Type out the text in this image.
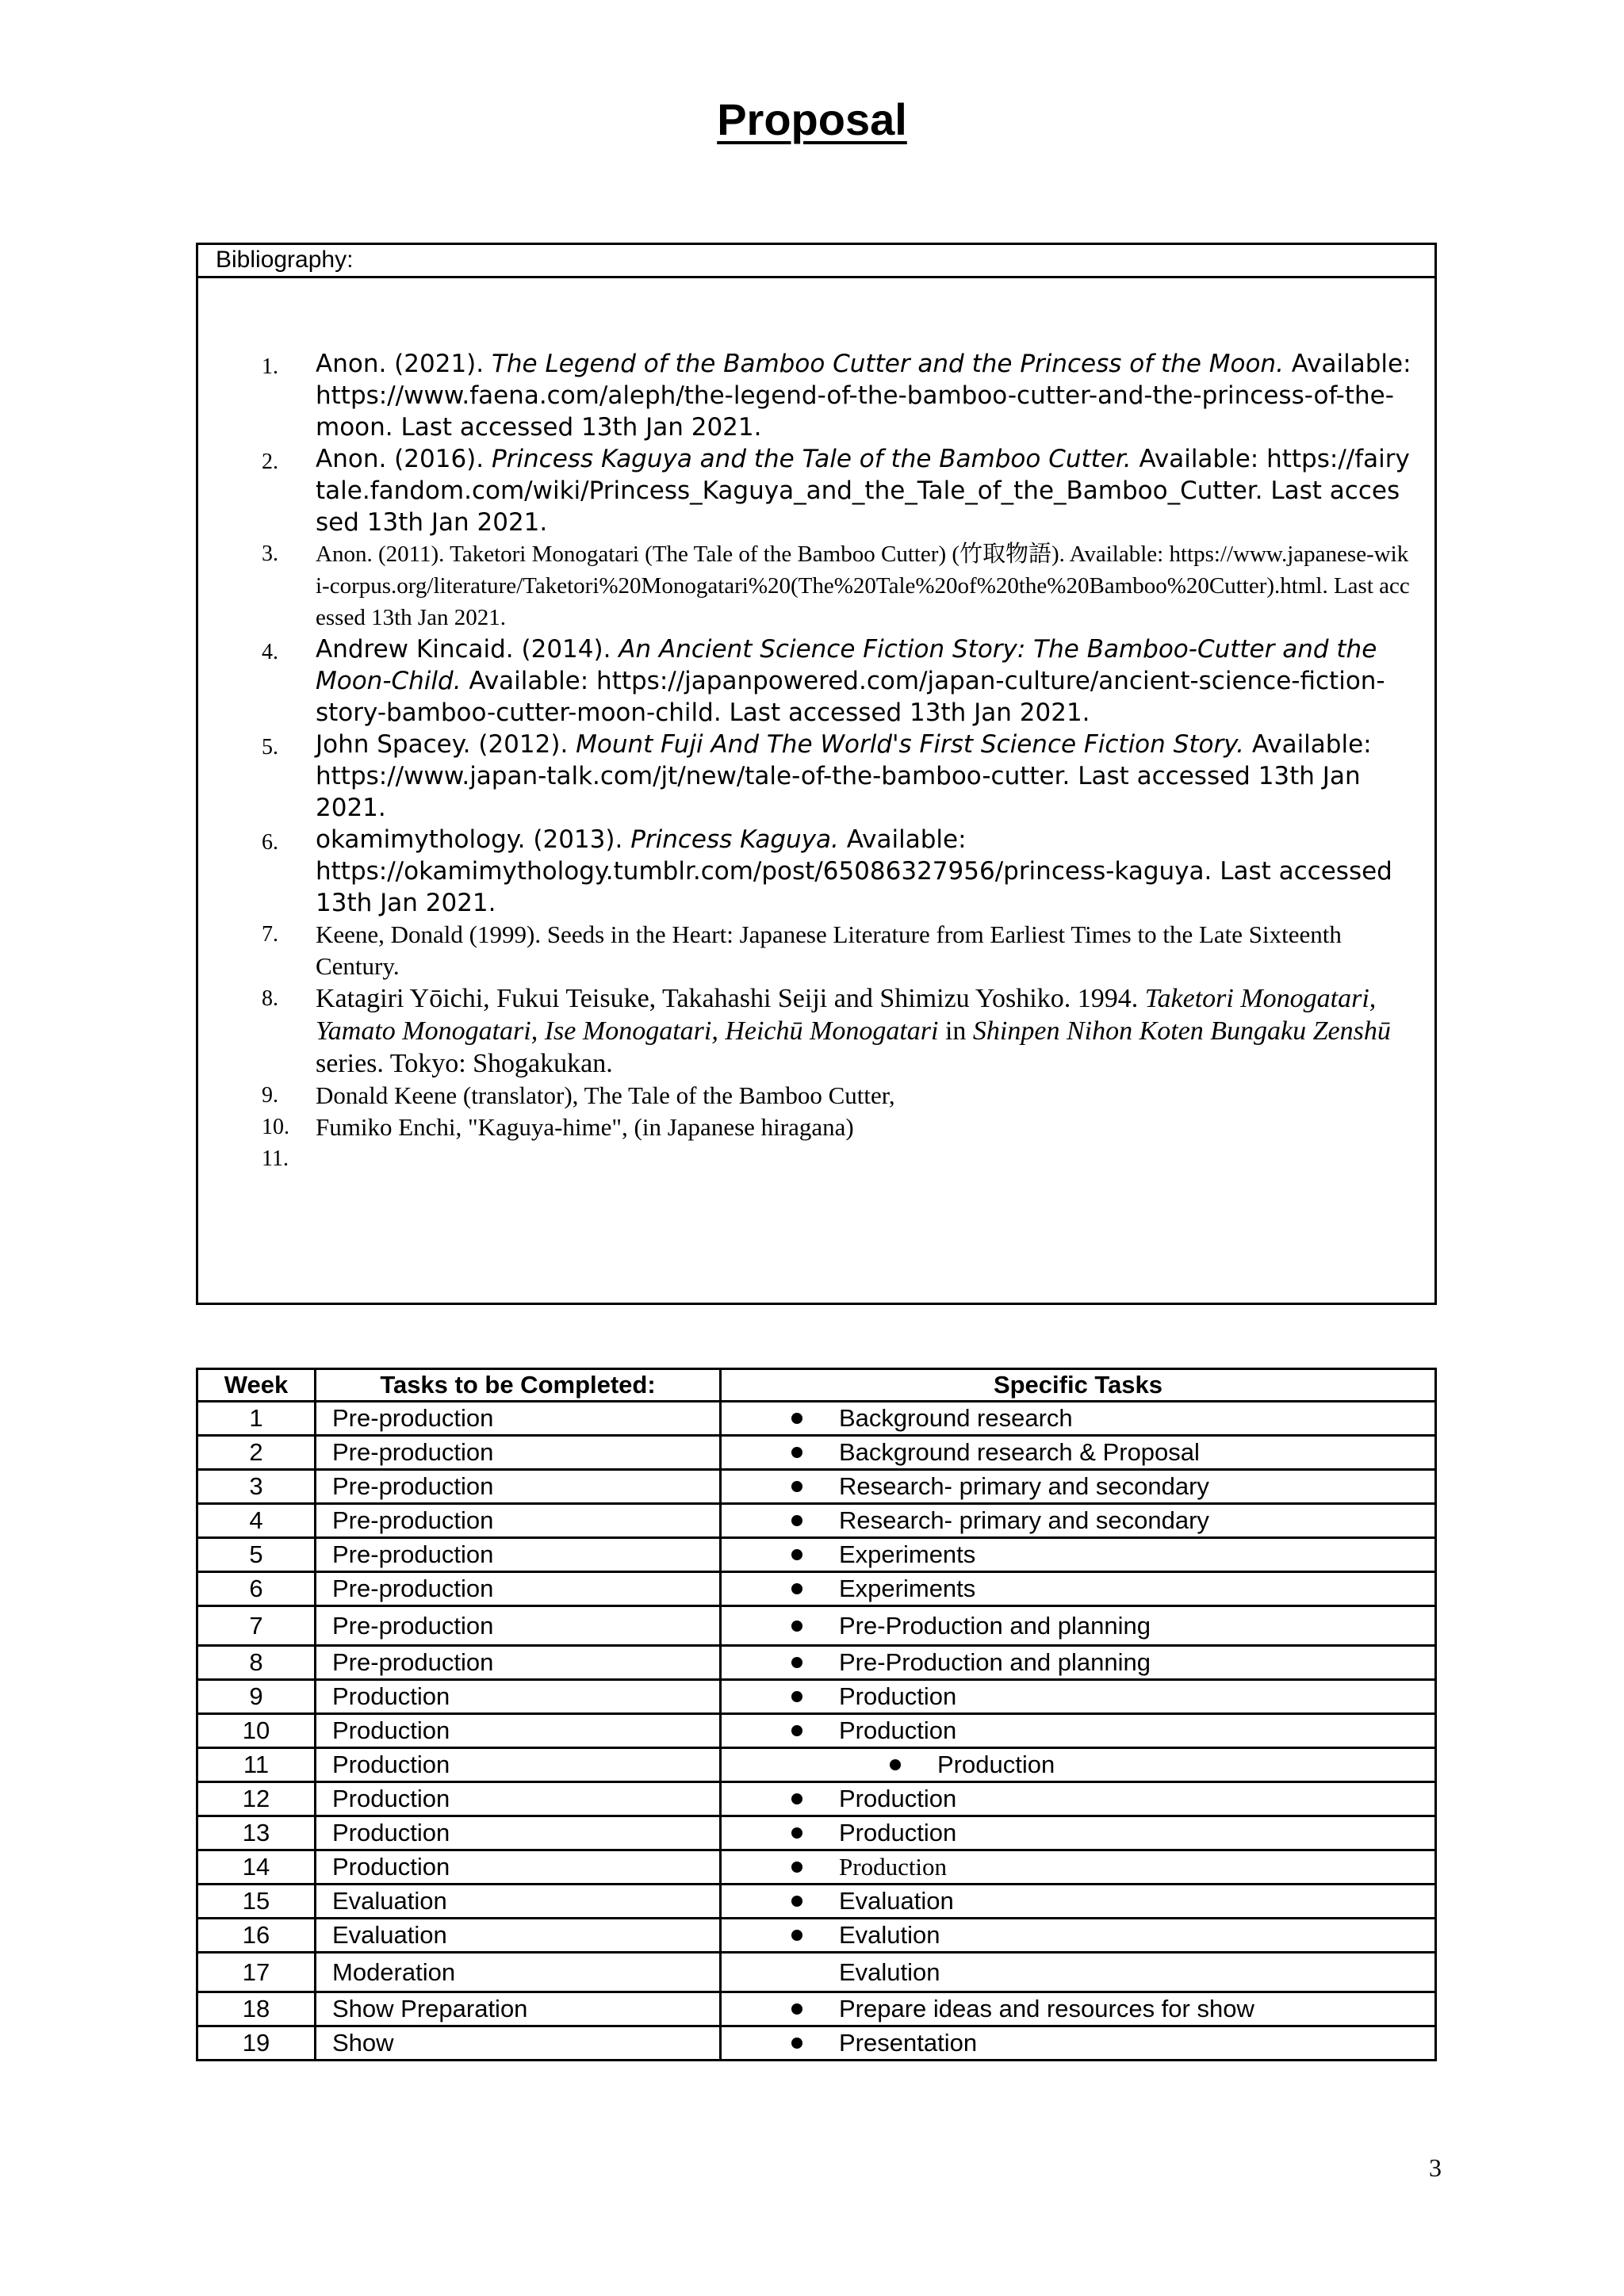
Proposal
Bibliography:
1.	Anon. (2021). The Legend of the Bamboo Cutter and the Princess of the Moon. Available: https://www.faena.com/aleph/the-legend-of-the-bamboo-cutter-and-the-princess-of-the-moon. Last accessed 13th Jan 2021.
2.	Anon. (2016). Princess Kaguya and the Tale of the Bamboo Cutter. Available: https://fairytale.fandom.com/wiki/Princess_Kaguya_and_the_Tale_of_the_Bamboo_Cutter. Last accessed 13th Jan 2021.
3.	Anon. (2011). Taketori Monogatari (The Tale of the Bamboo Cutter) (竹取物語). Available: https://www.japanese-wiki-corpus.org/literature/Taketori%20Monogatari%20(The%20Tale%20of%20the%20Bamboo%20Cutter).html. Last accessed 13th Jan 2021.
4.	Andrew Kincaid. (2014). An Ancient Science Fiction Story: The Bamboo-Cutter and the Moon-Child. Available: https://japanpowered.com/japan-culture/ancient-science-fiction-story-bamboo-cutter-moon-child. Last accessed 13th Jan 2021.
5.	John Spacey. (2012). Mount Fuji And The World's First Science Fiction Story. Available: https://www.japan-talk.com/jt/new/tale-of-the-bamboo-cutter. Last accessed 13th Jan 2021.
6.	okamimythology. (2013). Princess Kaguya. Available: https://okamimythology.tumblr.com/post/65086327956/princess-kaguya. Last accessed 13th Jan 2021.
7.	Keene, Donald (1999). Seeds in the Heart: Japanese Literature from Earliest Times to the Late Sixteenth Century.
8.	Katagiri Yōichi, Fukui Teisuke, Takahashi Seiji and Shimizu Yoshiko. 1994. Taketori Monogatari, Yamato Monogatari, Ise Monogatari, Heichū Monogatari in Shinpen Nihon Koten Bungaku Zenshū series. Tokyo: Shogakukan.
9.	Donald Keene (translator), The Tale of the Bamboo Cutter,
10.	Fumiko Enchi, "Kaguya-hime", (in Japanese hiragana)
11.
Week	Tasks to be Completed:	Specific Tasks
1	Pre-production	Background research

2	Pre-production	Background research & Proposal

3	Pre-production	Research- primary and secondary

4	Pre-production	Research- primary and secondary

5	Pre-production	Experiments

6	Pre-production	Experiments

7	Pre-production	Pre-Production and planning

8	Pre-production	Pre-Production and planning

9	Production	Production

10	Production	Production

11	Production	Production

12	Production	Production

13	Production	Production

14	Production	Production

15	Evaluation	Evaluation

16	Evaluation	Evalution

17	Moderation	Evalution

18	Show Preparation	Prepare ideas and resources for show

19	Show	Presentation
3
